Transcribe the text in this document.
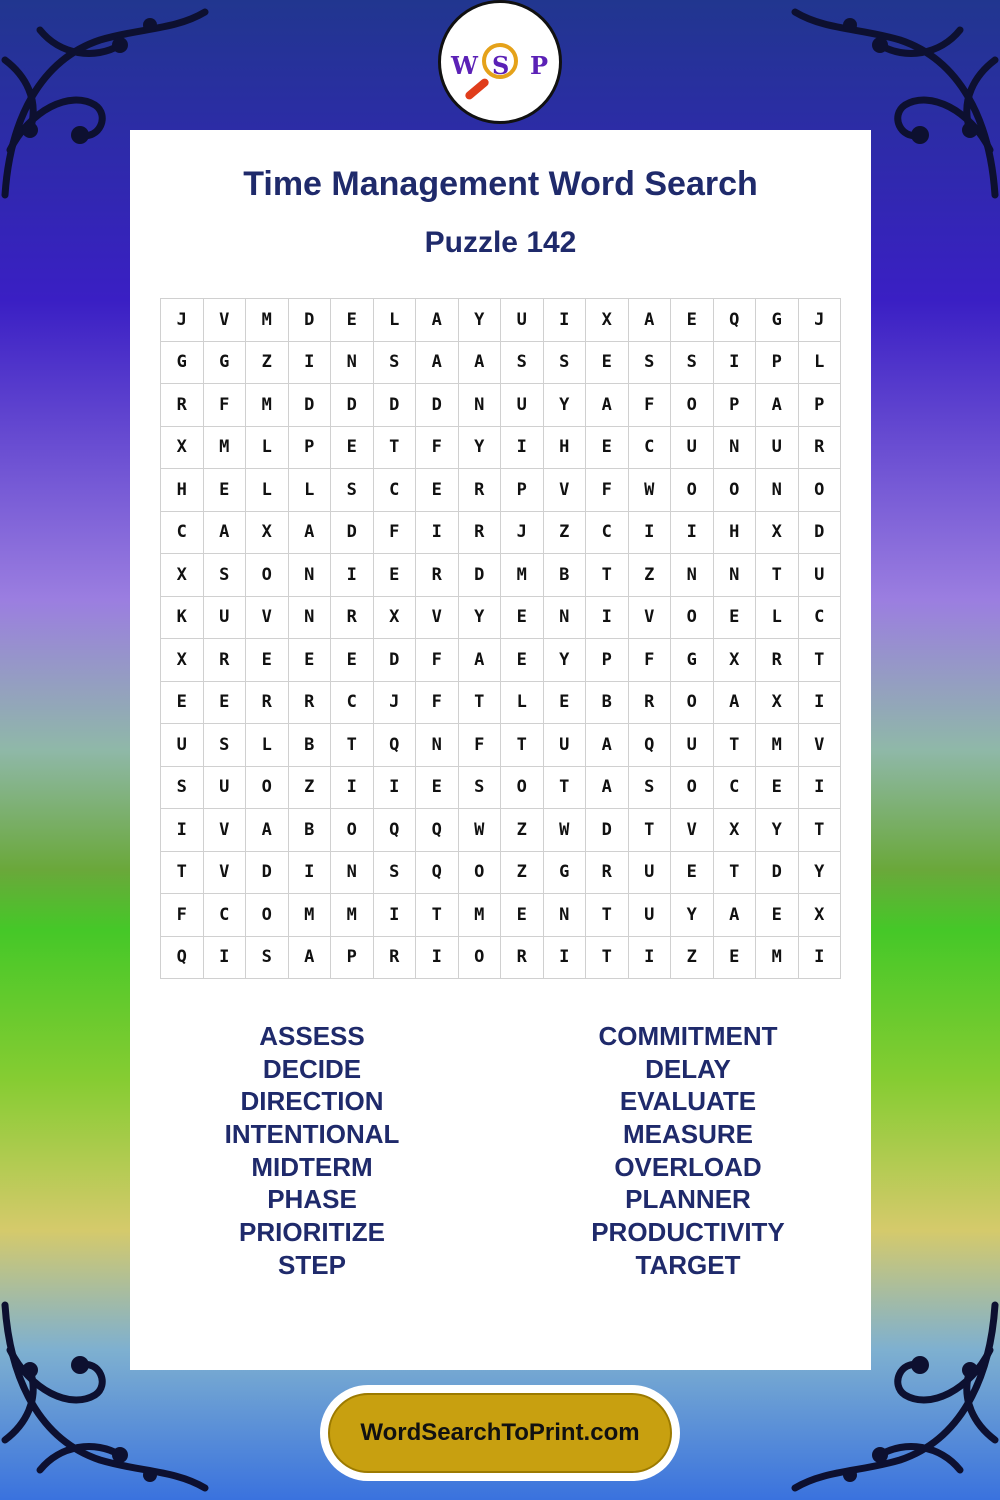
W S P
Time Management Word Search
Puzzle 142
J	V	M	D	E	L	A	Y	U	I	X	A	E	Q	G	J
G	G	Z	I	N	S	A	A	S	S	E	S	S	I	P	L
R	F	M	D	D	D	D	N	U	Y	A	F	O	P	A	P
X	M	L	P	E	T	F	Y	I	H	E	C	U	N	U	R
H	E	L	L	S	C	E	R	P	V	F	W	O	O	N	O
C	A	X	A	D	F	I	R	J	Z	C	I	I	H	X	D
X	S	O	N	I	E	R	D	M	B	T	Z	N	N	T	U
K	U	V	N	R	X	V	Y	E	N	I	V	O	E	L	C
X	R	E	E	E	D	F	A	E	Y	P	F	G	X	R	T
E	E	R	R	C	J	F	T	L	E	B	R	O	A	X	I
U	S	L	B	T	Q	N	F	T	U	A	Q	U	T	M	V
S	U	O	Z	I	I	E	S	O	T	A	S	O	C	E	I
I	V	A	B	O	Q	Q	W	Z	W	D	T	V	X	Y	T
T	V	D	I	N	S	Q	O	Z	G	R	U	E	T	D	Y
F	C	O	M	M	I	T	M	E	N	T	U	Y	A	E	X
Q	I	S	A	P	R	I	O	R	I	T	I	Z	E	M	I
ASSESS
DECIDE
DIRECTION
INTENTIONAL
MIDTERM
PHASE
PRIORITIZE
STEP
COMMITMENT
DELAY
EVALUATE
MEASURE
OVERLOAD
PLANNER
PRODUCTIVITY
TARGET
WordSearchToPrint.com
